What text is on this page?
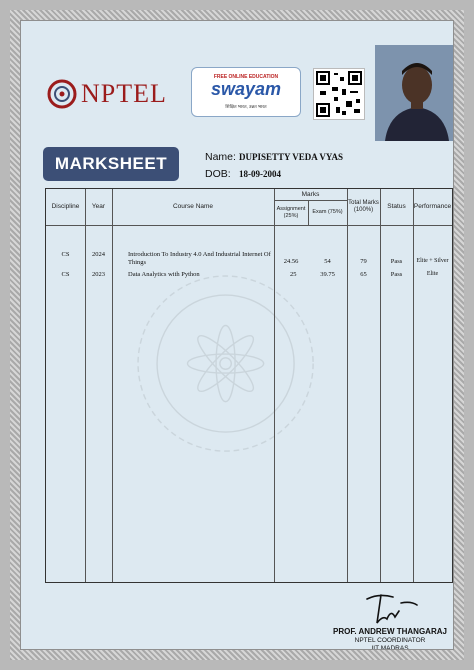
NPTEL
FREE ONLINE EDUCATION
swayam
शिक्षित भारत, उन्नत भारत
MARKSHEET	Name: DUPISETTY VEDA VYAS
DOB: 18-09-2004
Discipline	Year	Course Name
Marks
Assignment (25%)
Exam (75%)
Total Marks (100%)	Status	Performance
CS	2024	Introduction To Industry 4.0 And Industrial Internet Of Things	24.56	54	79	Pass	Elite + Silver
CS	2023	Data Analytics with Python	25	39.75	65	Pass	Elite
PROF. ANDREW THANGARAJ
NPTEL COORDINATOR
IIT MADRAS
